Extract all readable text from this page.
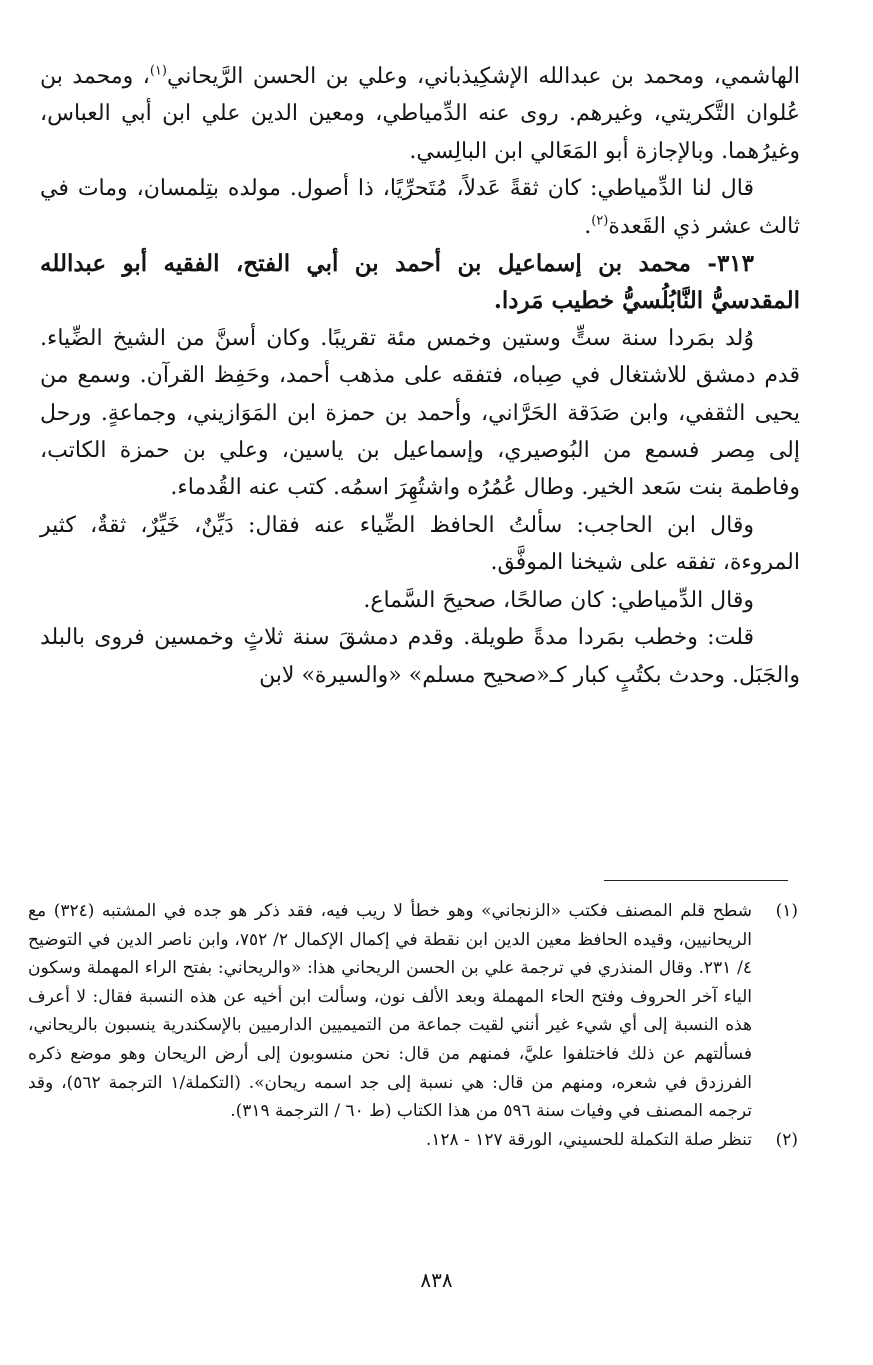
الهاشمي، ومحمد بن عبدالله الإشكِيذباني، وعلي بن الحسن الرَّيحاني$^{(١)}$، ومحمد بن عُلوان التَّكريتي، وغيرهم. روى عنه الدِّمياطي، ومعين الدين علي ابن أبي العباس، وغيرُهما. وبالإجازة أبو المَعَالي ابن البالِسي.

قال لنا الدِّمياطي: كان ثقةً عَدلاً، مُتَحرِّيًا، ذا أصول. مولده بتِلمسان، ومات في ثالث عشر ذي القَعدة$^{(٢)}$.

٣١٣- محمد بن إسماعيل بن أحمد بن أبي الفتح، الفقيه أبو عبدالله المقدسيُّ النَّابُلُسيُّ خطيب مَردا.

وُلد بمَردا سنة ستٍّ وستين وخمس مئة تقريبًا. وكان أسنَّ من الشيخ الضِّياء. قدم دمشق للاشتغال في صِباه، فتفقه على مذهب أحمد، وحَفِظ القرآن. وسمع من يحيى الثقفي، وابن صَدَقة الحَرَّاني، وأحمد بن حمزة ابن المَوَازيني، وجماعةٍ. ورحل إلى مِصر فسمع من البُوصيري، وإسماعيل بن ياسين، وعلي بن حمزة الكاتب، وفاطمة بنت سَعد الخير. وطال عُمُرُه واشتُهِرَ اسمُه. كتب عنه القُدماء.

وقال ابن الحاجب: سألتُ الحافظ الضِّياء عنه فقال: دَيِّنٌ، خَيِّرٌ، ثقةٌ، كثير المروءة، تفقه على شيخنا الموفَّق.

وقال الدِّمياطي: كان صالحًا، صحيحَ السَّماع.

قلت: وخطب بمَردا مدةً طويلة. وقدم دمشقَ سنة ثلاثٍ وخمسين فروى بالبلد والجَبَل. وحدث بكتُبٍ كبار كـ«صحيح مسلم» «والسيرة» لابن

(١)
شطح قلم المصنف فكتب «الزنجاني» وهو خطأ لا ريب فيه، فقد ذكر هو جده في المشتبه (٣٢٤) مع الريحانيين، وقيده الحافظ معين الدين ابن نقطة في إكمال الإكمال ٢/ ٧٥٢، وابن ناصر الدين في التوضيح ٤/ ٢٣١. وقال المنذري في ترجمة علي بن الحسن الريحاني هذا: «والريحاني: بفتح الراء المهملة وسكون الياء آخر الحروف وفتح الحاء المهملة وبعد الألف نون، وسألت ابن أخيه عن هذه النسبة فقال: لا أعرف هذه النسبة إلى أي شيء غير أنني لقيت جماعة من التميميين الدارميين بالإسكندرية ينسبون بالريحاني، فسألتهم عن ذلك فاختلفوا عليَّ، فمنهم من قال: نحن منسوبون إلى أرض الريحان وهو موضع ذكره الفرزدق في شعره، ومنهم من قال: هي نسبة إلى جد اسمه ريحان». (التكملة/١ الترجمة ٥٦٢)، وقد ترجمه المصنف في وفيات سنة ٥٩٦ من هذا الكتاب (ط ٦٠ / الترجمة ٣١٩).
(٢)
تنظر صلة التكملة للحسيني، الورقة ١٢٧ - ١٢٨.
٨٣٨
